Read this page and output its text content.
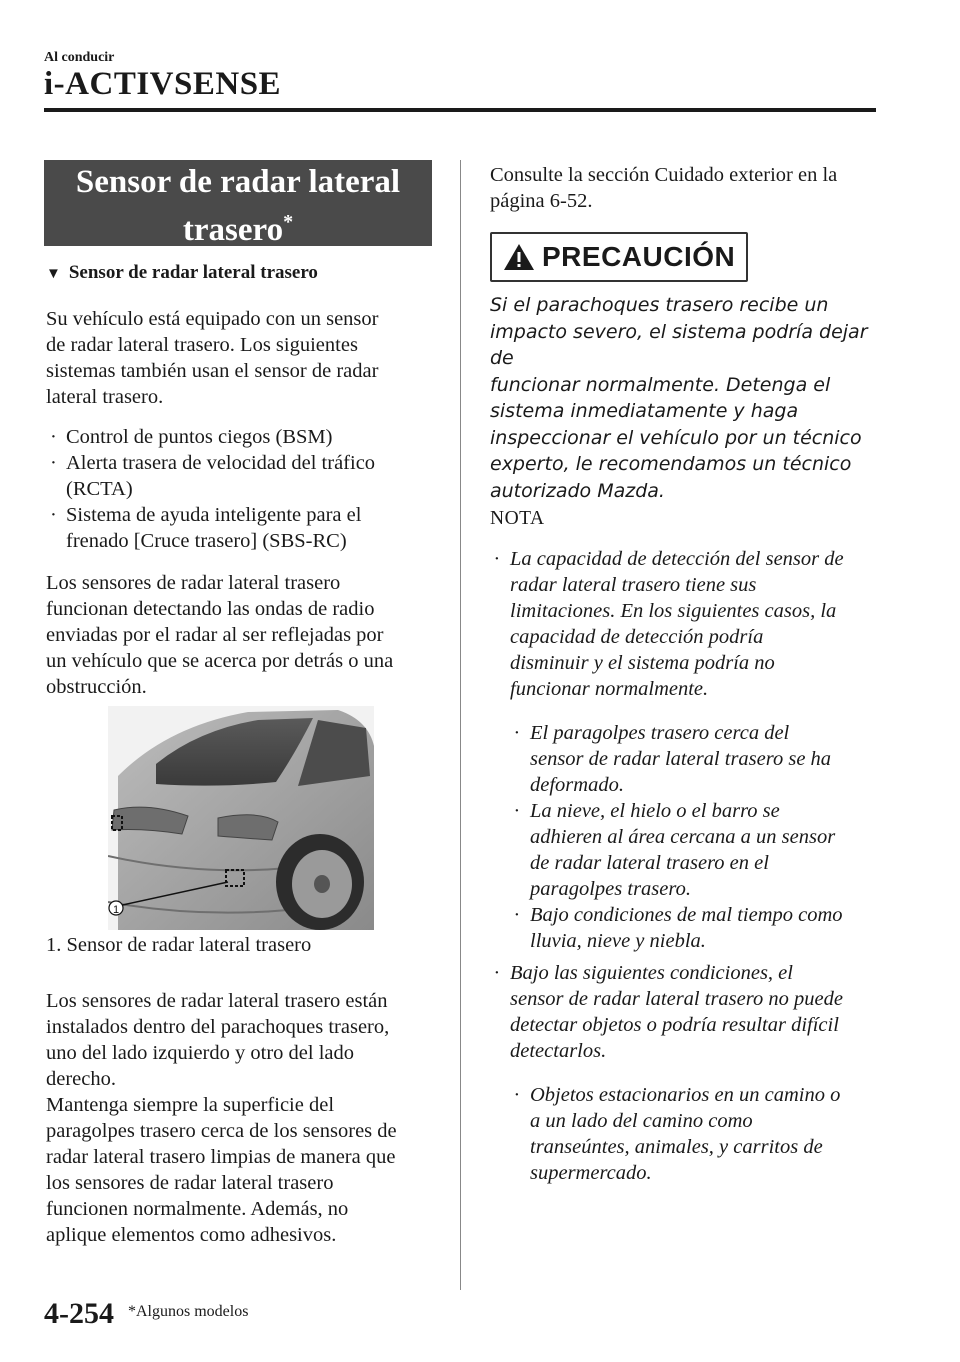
Al conducir
i-ACTIVSENSE
Sensor de radar lateral
trasero*
▼ Sensor de radar lateral trasero
Su vehículo está equipado con un sensor
de radar lateral trasero. Los siguientes
sistemas también usan el sensor de radar
lateral trasero.
· Control de puntos ciegos (BSM)
· Alerta trasera de velocidad del tráfico
(RCTA)
· Sistema de ayuda inteligente para el
frenado [Cruce trasero] (SBS-RC)
Los sensores de radar lateral trasero
funcionan detectando las ondas de radio
enviadas por el radar al ser reflejadas por
un vehículo que se acerca por detrás o una
obstrucción.
1
1. Sensor de radar lateral trasero
Los sensores de radar lateral trasero están
instalados dentro del parachoques trasero,
uno del lado izquierdo y otro del lado
derecho.
Mantenga siempre la superficie del
paragolpes trasero cerca de los sensores de
radar lateral trasero limpias de manera que
los sensores de radar lateral trasero
funcionen normalmente. Además, no
aplique elementos como adhesivos.
Consulte la sección Cuidado exterior en la
página 6-52.
PRECAUCIÓN
Si el parachoques trasero recibe un
impacto severo, el sistema podría dejar de
funcionar normalmente. Detenga el
sistema inmediatamente y haga
inspeccionar el vehículo por un técnico
experto, le recomendamos un técnico
autorizado Mazda.
NOTA
· La capacidad de detección del sensor de
radar lateral trasero tiene sus
limitaciones. En los siguientes casos, la
capacidad de detección podría
disminuir y el sistema podría no
funcionar normalmente.
· El paragolpes trasero cerca del
sensor de radar lateral trasero se ha
deformado.
· La nieve, el hielo o el barro se
adhieren al área cercana a un sensor
de radar lateral trasero en el
paragolpes trasero.
· Bajo condiciones de mal tiempo como
lluvia, nieve y niebla.
· Bajo las siguientes condiciones, el
sensor de radar lateral trasero no puede
detectar objetos o podría resultar difícil
detectarlos.
· Objetos estacionarios en un camino o
a un lado del camino como
transeúntes, animales, y carritos de
supermercado.
4-254 *Algunos modelos
